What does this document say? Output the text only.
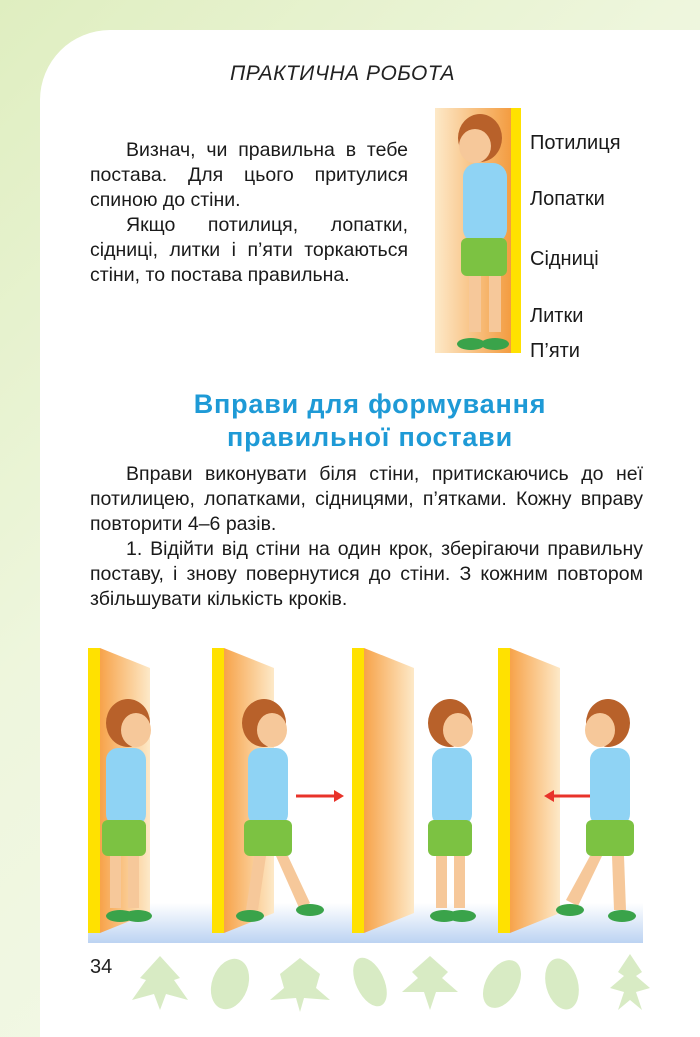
ПРАКТИЧНА РОБОТА

Визнач, чи правильна в тебе постава. Для цього притулися спиною до стіни.

Якщо потилиця, лопатки, сідниці, литки і п’яти торкаються стіни, то постава правильна.

Потилиця
Лопатки
Сідниці
Литки
П’яти
Вправи для формування
правильної постави

Вправи виконувати біля стіни, притискаючись до неї потилицею, лопатками, сідницями, п’ятками. Кожну вправу повторити 4–6 разів.

1. Відійти від стіни на один крок, зберігаючи правильну поставу, і знову повернутися до стіни. З кожним повтором збільшувати кількість кроків.

34
